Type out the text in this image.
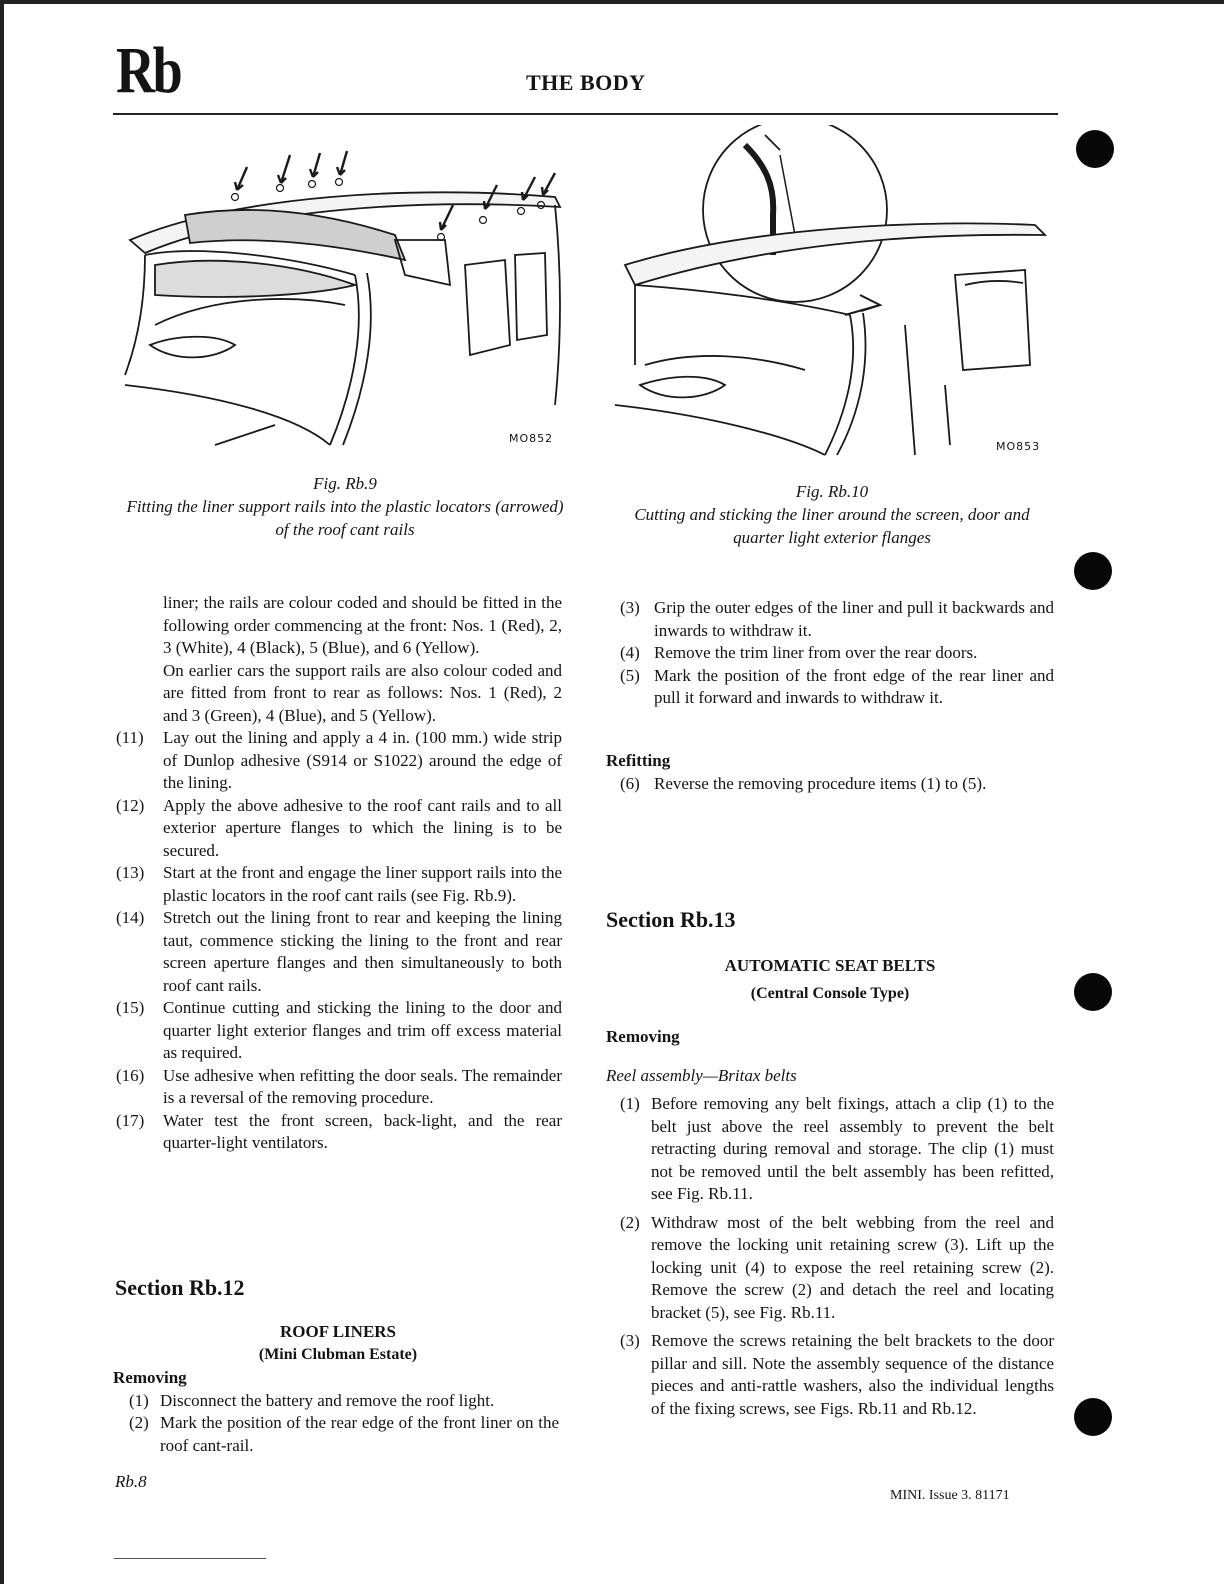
Rb	THE BODY
MO852
Fig. Rb.9
Fitting the liner support rails into the plastic locators (arrowed) of the roof cant rails
MO853
Fig. Rb.10
Cutting and sticking the liner around the screen, door and quarter light exterior flanges
liner; the rails are colour coded and should be fitted in the following order commencing at the front: Nos. 1 (Red), 2, 3 (White), 4 (Black), 5 (Blue), and 6 (Yellow).
On earlier cars the support rails are also colour coded and are fitted from front to rear as follows: Nos. 1 (Red), 2 and 3 (Green), 4 (Blue), and 5 (Yellow).
(11)	Lay out the lining and apply a 4 in. (100 mm.) wide strip of Dunlop adhesive (S914 or S1022) around the edge of the lining.
(12)	Apply the above adhesive to the roof cant rails and to all exterior aperture flanges to which the lining is to be secured.
(13)	Start at the front and engage the liner support rails into the plastic locators in the roof cant rails (see Fig. Rb.9).
(14)	Stretch out the lining front to rear and keeping the lining taut, commence sticking the lining to the front and rear screen aperture flanges and then simultaneously to both roof cant rails.
(15)	Continue cutting and sticking the lining to the door and quarter light exterior flanges and trim off excess material as required.
(16)	Use adhesive when refitting the door seals. The remainder is a reversal of the removing procedure.
(17)	Water test the front screen, back-light, and the rear quarter-light ventilators.
Section Rb.12
ROOF LINERS
(Mini Clubman Estate)
Removing
(1) Disconnect the battery and remove the roof light.
(2) Mark the position of the rear edge of the front liner on the roof cant-rail.
(3) Grip the outer edges of the liner and pull it backwards and inwards to withdraw it.
(4) Remove the trim liner from over the rear doors.
(5) Mark the position of the front edge of the rear liner and pull it forward and inwards to withdraw it.
Refitting
(6) Reverse the removing procedure items (1) to (5).
Section Rb.13
AUTOMATIC SEAT BELTS
(Central Console Type)
Removing
Reel assembly—Britax belts
(1) Before removing any belt fixings, attach a clip (1) to the belt just above the reel assembly to prevent the belt retracting during removal and storage. The clip (1) must not be removed until the belt assembly has been refitted, see Fig. Rb.11.
(2) Withdraw most of the belt webbing from the reel and remove the locking unit retaining screw (3). Lift up the locking unit (4) to expose the reel retaining screw (2). Remove the screw (2) and detach the reel and locating bracket (5), see Fig. Rb.11.
(3) Remove the screws retaining the belt brackets to the door pillar and sill. Note the assembly sequence of the distance pieces and anti-rattle washers, also the individual lengths of the fixing screws, see Figs. Rb.11 and Rb.12.
Rb.8
MINI. Issue 3. 81171
